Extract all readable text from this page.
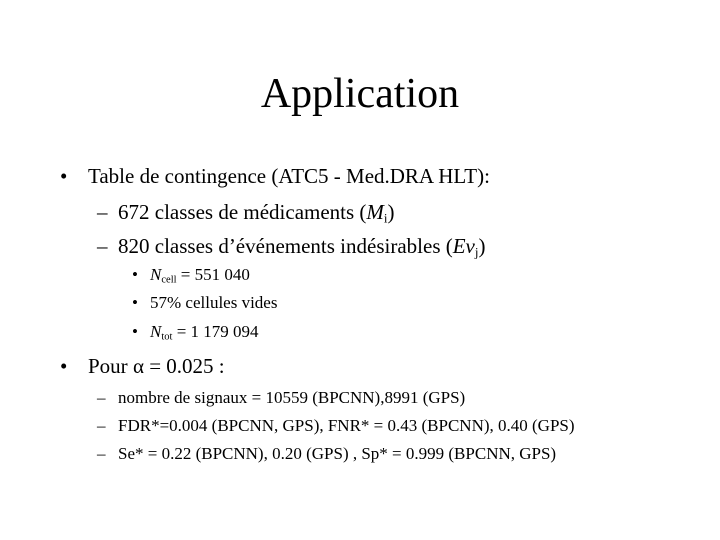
Application
• Table de contingence (ATC5 - Med.DRA HLT):
– 672 classes de médicaments $(M_i)$
– 820 classes d’événements indésirables $(Ev_j)$
• $N_{cell} = 551$ 040
• 57% cellules vides
• $N_{tot} = 1$ 179 094
• Pour α = 0.025 :
– nombre de signaux = 10559 (BPCNN),8991 (GPS)
– FDR*=0.004 (BPCNN, GPS), FNR* = 0.43 (BPCNN), 0.40 (GPS)
– Se* = 0.22 (BPCNN), 0.20 (GPS) , Sp* = 0.999 (BPCNN, GPS)
